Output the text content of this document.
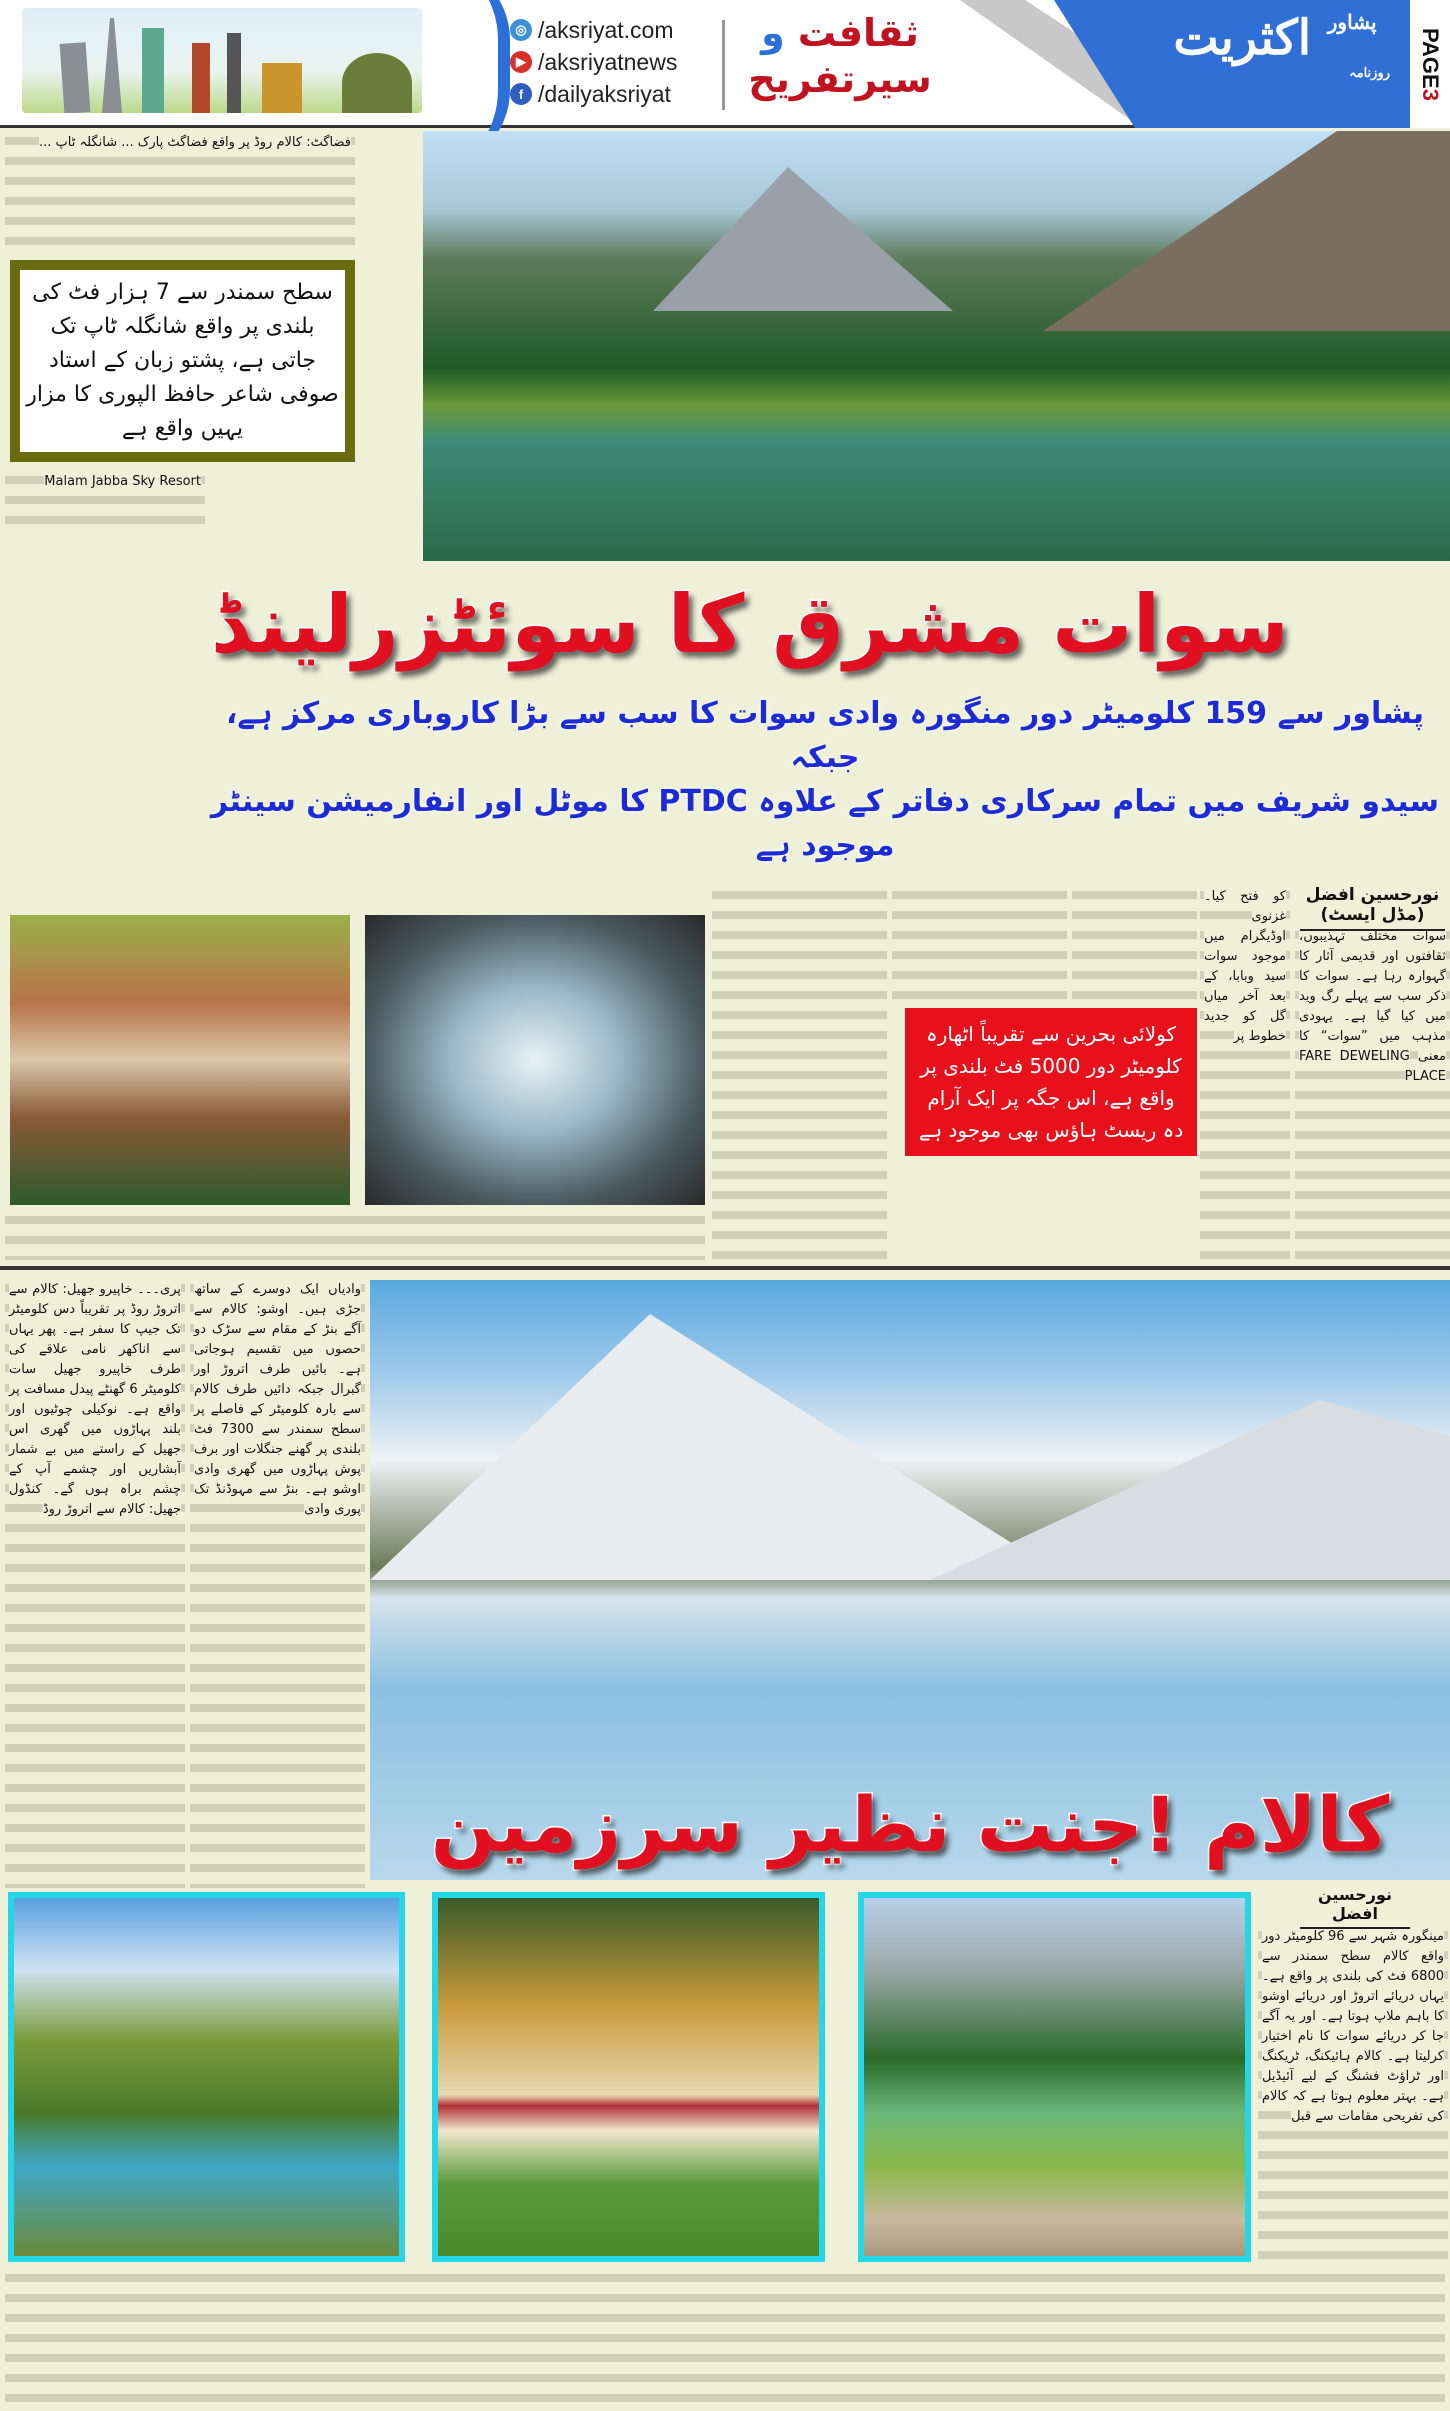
◎ /aksriyat.com
▶ /aksriyatnews
f /dailyaksriyat
ثقافت و
سیرتفریح
$^{پشاور}$ اکثریت
روزنامہ PAGE3

فضاگٹ: کالام روڈ پر واقع فضاگٹ پارک ... شانگلہ ٹاپ ...

سطح سمندر سے 7 ہزار فٹ کی بلندی پر واقع شانگلہ ٹاپ تک جاتی ہے، پشتو زبان کے استاد صوفی شاعر حافظ الپوری کا مزار یہیں واقع ہے

Malam Jabba Sky Resort

سوات مشرق کا سوئٹزرلینڈ
پشاور سے 159 کلومیٹر دور منگورہ وادی سوات کا سب سے بڑا کاروباری مرکز ہے، جبکہ
سیدو شریف میں تمام سرکاری دفاتر کے علاوہ PTDC کا موٹل اور انفارمیشن سینٹر موجود ہے
کولائی بحرین سے تقریباً اٹھارہ کلومیٹر دور 5000 فٹ بلندی پر واقع ہے، اس جگہ پر ایک آرام دہ ریسٹ ہاؤس بھی موجود ہے

کو فتح کیا۔ غزنوی اوڈیگرام میں موجود سوات سید وبابا، کے بعد آخر میاں گل کو جدید خطوط پر

نورحسین افضل (مڈل ایسٹ)

سوات مختلف تہذیبوں، ثقافتوں اور قدیمی آثار کا گہوارہ رہا ہے۔ سوات کا ذکر سب سے پہلے رگ وید میں کیا گیا ہے۔ یہودی مذہب میں ”سوات“ کا معنی

FARE DEWELING PLACE

کالام !جنت نظیر سرزمین

وادیاں ایک دوسرے کے ساتھ جڑی ہیں۔ اوشو: کالام سے آگے بنڑ کے مقام سے سڑک دو حصوں میں تقسیم ہوجاتی ہے۔ بائیں طرف اتروڑ اور گبرال جبکہ دائیں طرف کالام سے بارہ کلومیٹر کے فاصلے پر سطح سمندر سے 7300 فٹ بلندی پر گھنے جنگلات اور برف پوش پہاڑوں میں گھری وادی اوشو ہے۔ بنڑ سے مہوڈنڈ تک پوری وادی

پری۔۔۔ خاپیرو جھیل: کالام سے اتروڑ روڈ پر تقریباً دس کلومیٹر تک جیپ کا سفر ہے۔ پھر یہاں سے اناکھر نامی علاقے کی طرف خاپیرو جھیل سات کلومیٹر 6 گھنٹے پیدل مسافت پر واقع ہے۔ نوکیلی چوٹیوں اور بلند پہاڑوں میں گھری اس جھیل کے راستے میں بے شمار آبشاریں اور چشمے آپ کے چشم براہ ہوں گے۔ کنڈول جھیل: کالام سے اتروڑ روڈ

نورحسین افضل

مینگورہ شہر سے 96 کلومیٹر دور واقع کالام سطح سمندر سے 6800 فٹ کی بلندی پر واقع ہے۔ یہاں دریائے اتروڑ اور دریائے اوشو کا باہم ملاپ ہوتا ہے۔ اور یہ آگے جا کر دریائے سوات کا نام اختیار کرلیتا ہے۔ کالام ہائیکنگ، ٹریکنگ اور ٹراؤٹ فشنگ کے لیے آئیڈیل ہے۔ بہتر معلوم ہوتا ہے کہ کالام کی تفریحی مقامات سے قبل
